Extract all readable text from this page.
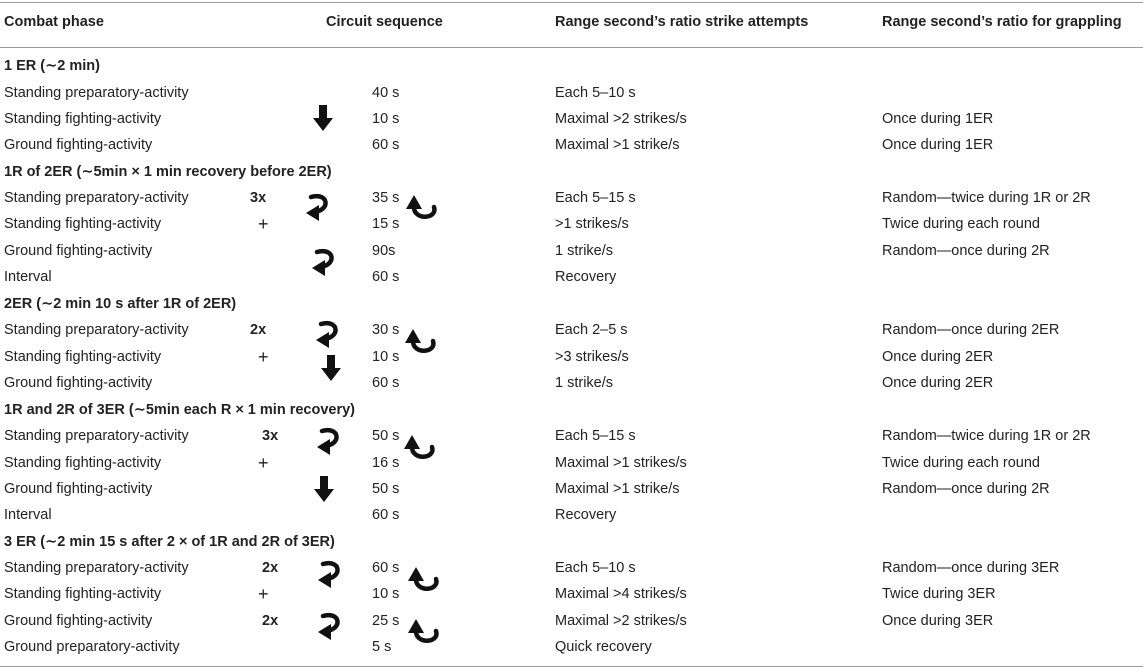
Combat phase	Circuit sequence	Range second’s ratio strike attempts	Range second’s ratio for grappling
1 ER (∼2 min)
Standing preparatory-activity	40 s	Each 5–10 s
Standing fighting-activity	10 s	Maximal >2 strikes/s	Once during 1ER
Ground fighting-activity	60 s	Maximal >1 strike/s	Once during 1ER
1R of 2ER (∼5min × 1 min recovery before 2ER)
Standing preparatory-activity	3x	35 s	Each 5–15 s	Random—twice during 1R or 2R
Standing fighting-activity	+	15 s	>1 strikes/s	Twice during each round
Ground fighting-activity	90s	1 strike/s	Random—once during 2R
Interval	60 s	Recovery
2ER (∼2 min 10 s after 1R of 2ER)
Standing preparatory-activity	2x	30 s	Each 2–5 s	Random—once during 2ER
Standing fighting-activity	+	10 s	>3 strikes/s	Once during 2ER
Ground fighting-activity	60 s	1 strike/s	Once during 2ER
1R and 2R of 3ER (∼5min each R × 1 min recovery)
Standing preparatory-activity	3x	50 s	Each 5–15 s	Random—twice during 1R or 2R
Standing fighting-activity	+	16 s	Maximal >1 strikes/s	Twice during each round
Ground fighting-activity	50 s	Maximal >1 strike/s	Random—once during 2R
Interval	60 s	Recovery
3 ER (∼2 min 15 s after 2 × of 1R and 2R of 3ER)
Standing preparatory-activity	2x	60 s	Each 5–10 s	Random—once during 3ER
Standing fighting-activity	+	10 s	Maximal >4 strikes/s	Twice during 3ER
Ground fighting-activity	2x	25 s	Maximal >2 strikes/s	Once during 3ER
Ground preparatory-activity	5 s	Quick recovery
